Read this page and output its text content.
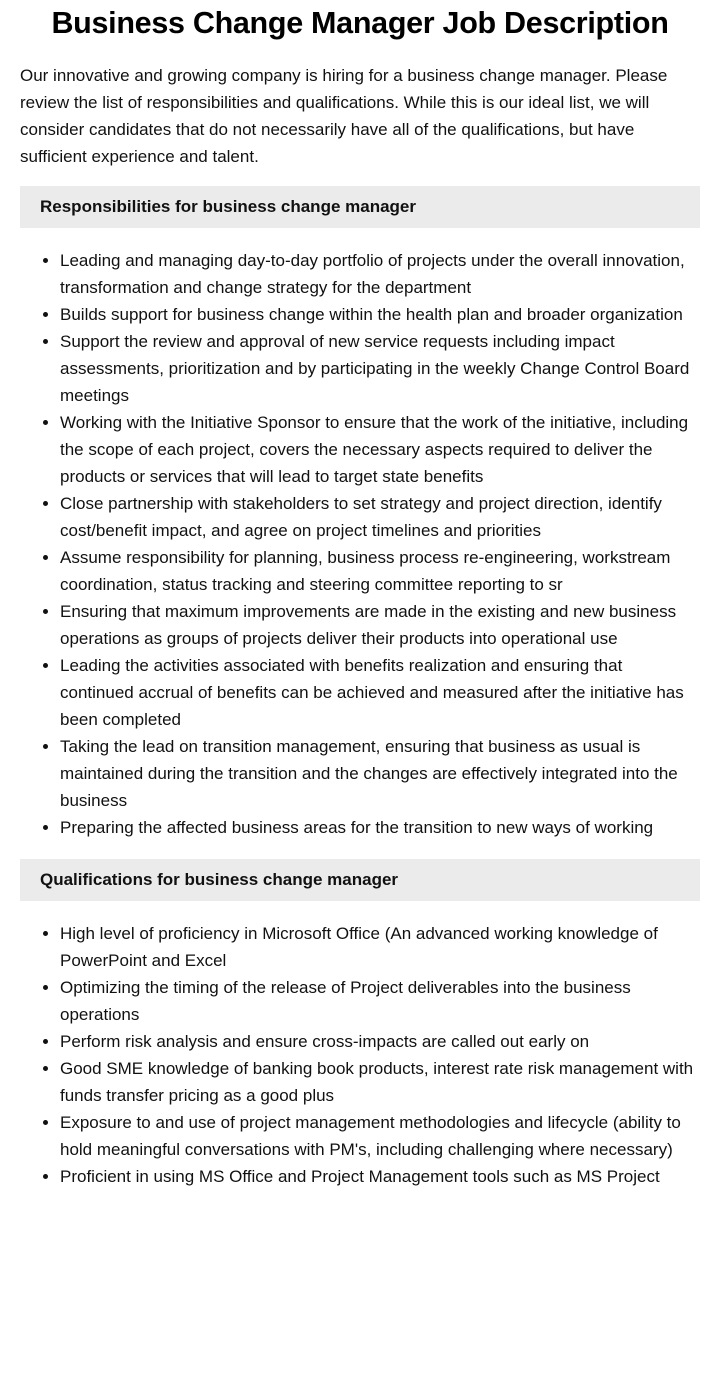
Business Change Manager Job Description

Our innovative and growing company is hiring for a business change manager. Please review the list of responsibilities and qualifications. While this is our ideal list, we will consider candidates that do not necessarily have all of the qualifications, but have sufficient experience and talent.

Responsibilities for business change manager
• Leading and managing day-to-day portfolio of projects under the overall innovation, transformation and change strategy for the department
• Builds support for business change within the health plan and broader organization
• Support the review and approval of new service requests including impact assessments, prioritization and by participating in the weekly Change Control Board meetings
• Working with the Initiative Sponsor to ensure that the work of the initiative, including the scope of each project, covers the necessary aspects required to deliver the products or services that will lead to target state benefits
• Close partnership with stakeholders to set strategy and project direction, identify cost/benefit impact, and agree on project timelines and priorities
• Assume responsibility for planning, business process re-engineering, workstream coordination, status tracking and steering committee reporting to sr
• Ensuring that maximum improvements are made in the existing and new business operations as groups of projects deliver their products into operational use
• Leading the activities associated with benefits realization and ensuring that continued accrual of benefits can be achieved and measured after the initiative has been completed
• Taking the lead on transition management, ensuring that business as usual is maintained during the transition and the changes are effectively integrated into the business
• Preparing the affected business areas for the transition to new ways of working
Qualifications for business change manager
• High level of proficiency in Microsoft Office (An advanced working knowledge of PowerPoint and Excel
• Optimizing the timing of the release of Project deliverables into the business operations
• Perform risk analysis and ensure cross-impacts are called out early on
• Good SME knowledge of banking book products, interest rate risk management with funds transfer pricing as a good plus
• Exposure to and use of project management methodologies and lifecycle (ability to hold meaningful conversations with PM's, including challenging where necessary)
• Proficient in using MS Office and Project Management tools such as MS Project
